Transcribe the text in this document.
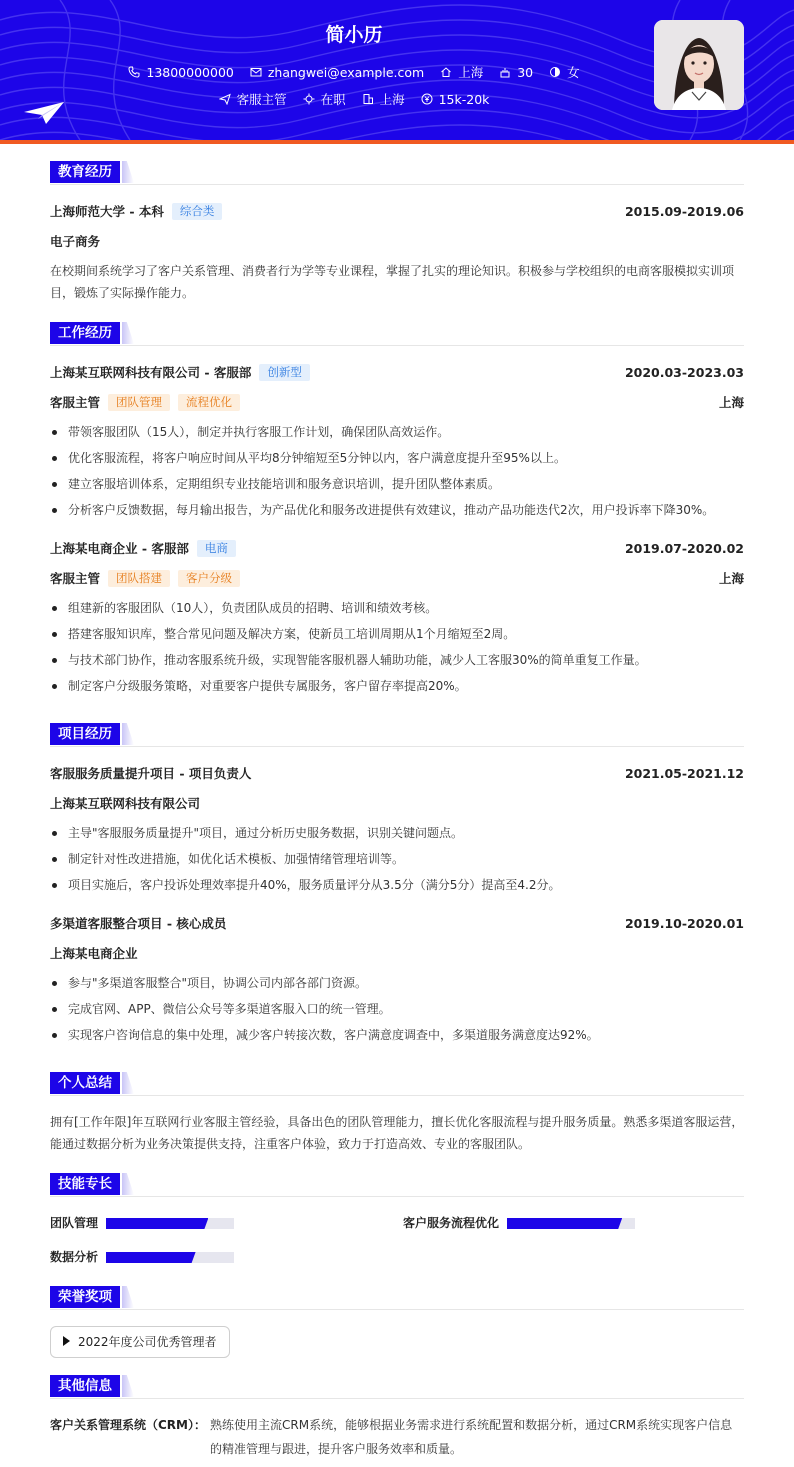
简小历
13800000000	zhangwei@example.com	上海	30	女
客服主管	在职	上海	15k-20k
教育经历
上海师范大学 - 本科 综合类	2015.09-2019.06
电子商务
在校期间系统学习了客户关系管理、消费者行为学等专业课程，掌握了扎实的理论知识。积极参与学校组织的电商客服模拟实训项目，锻炼了实际操作能力。
工作经历
上海某互联网科技有限公司 - 客服部 创新型	2020.03-2023.03
客服主管 团队管理 流程优化	上海
带领客服团队（15人），制定并执行客服工作计划，确保团队高效运作。
优化客服流程，将客户响应时间从平均8分钟缩短至5分钟以内，客户满意度提升至95%以上。
建立客服培训体系，定期组织专业技能培训和服务意识培训，提升团队整体素质。
分析客户反馈数据，每月输出报告，为产品优化和服务改进提供有效建议，推动产品功能迭代2次，用户投诉率下降30%。
上海某电商企业 - 客服部 电商	2019.07-2020.02
客服主管 团队搭建 客户分级	上海
组建新的客服团队（10人），负责团队成员的招聘、培训和绩效考核。
搭建客服知识库，整合常见问题及解决方案，使新员工培训周期从1个月缩短至2周。
与技术部门协作，推动客服系统升级，实现智能客服机器人辅助功能，减少人工客服30%的简单重复工作量。
制定客户分级服务策略，对重要客户提供专属服务，客户留存率提高20%。
项目经历
客服服务质量提升项目 - 项目负责人	2021.05-2021.12
上海某互联网科技有限公司
主导"客服服务质量提升"项目，通过分析历史服务数据，识别关键问题点。
制定针对性改进措施，如优化话术模板、加强情绪管理培训等。
项目实施后，客户投诉处理效率提升40%，服务质量评分从3.5分（满分5分）提高至4.2分。
多渠道客服整合项目 - 核心成员	2019.10-2020.01
上海某电商企业
参与"多渠道客服整合"项目，协调公司内部各部门资源。
完成官网、APP、微信公众号等多渠道客服入口的统一管理。
实现客户咨询信息的集中处理，减少客户转接次数，客户满意度调查中，多渠道服务满意度达92%。
个人总结
拥有[工作年限]年互联网行业客服主管经验，具备出色的团队管理能力，擅长优化客服流程与提升服务质量。熟悉多渠道客服运营，能通过数据分析为业务决策提供支持，注重客户体验，致力于打造高效、专业的客服团队。
技能专长
团队管理	客户服务流程优化
数据分析
荣誉奖项
2022年度公司优秀管理者
其他信息
客户关系管理系统（CRM）： 熟练使用主流CRM系统，能够根据业务需求进行系统配置和数据分析，通过CRM系统实现客户信息的精准管理与跟进，提升客户服务效率和质量。
